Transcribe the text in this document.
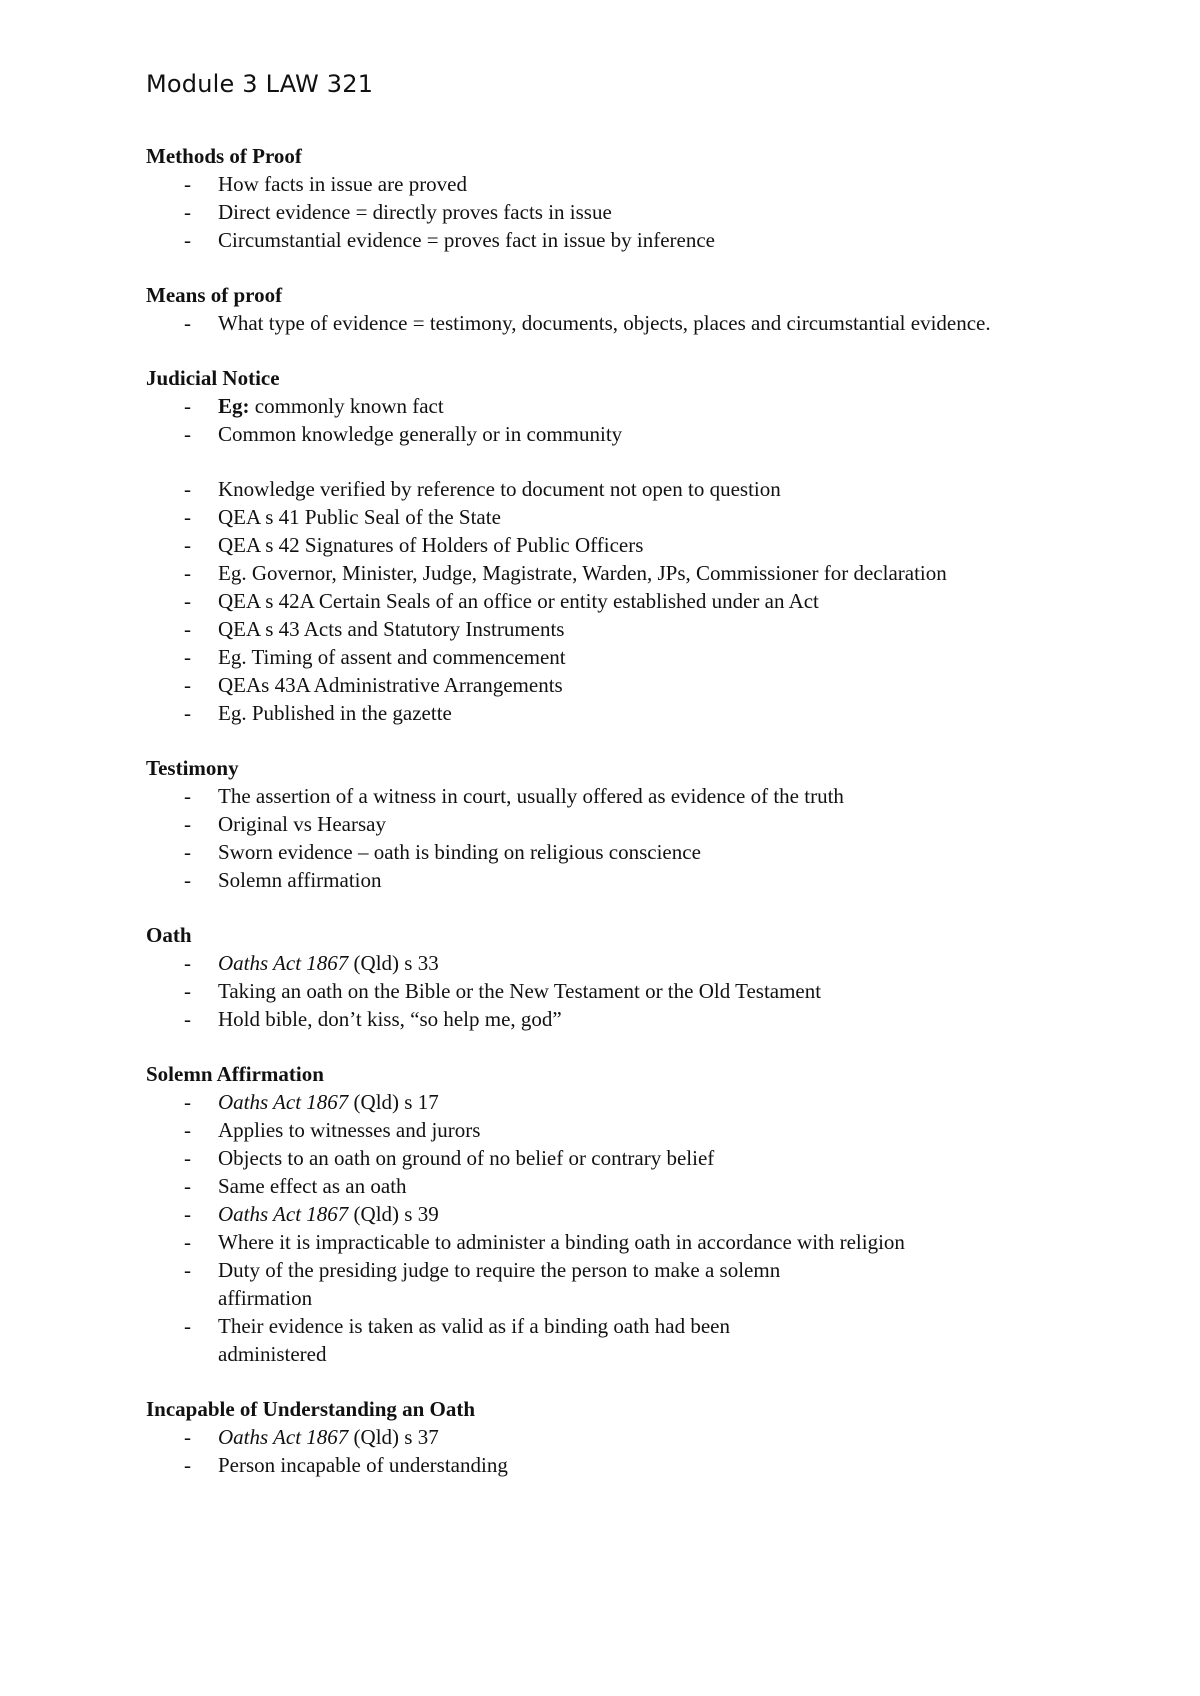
Module 3 LAW 321
Methods of Proof
-	How facts in issue are proved
-	Direct evidence = directly proves facts in issue
-	Circumstantial evidence = proves fact in issue by inference
Means of proof
-	What type of evidence = testimony, documents, objects, places and circumstantial evidence.
Judicial Notice
-	Eg: commonly known fact
-	Common knowledge generally or in community
-	Knowledge verified by reference to document not open to question
-	QEA s 41 Public Seal of the State
-	QEA s 42 Signatures of Holders of Public Officers
-	Eg. Governor, Minister, Judge, Magistrate, Warden, JPs, Commissioner for declaration
-	QEA s 42A Certain Seals of an office or entity established under an Act
-	QEA s 43 Acts and Statutory Instruments
-	Eg. Timing of assent and commencement
-	QEAs 43A Administrative Arrangements
-	Eg. Published in the gazette
Testimony
-	The assertion of a witness in court, usually offered as evidence of the truth
-	Original vs Hearsay
-	Sworn evidence – oath is binding on religious conscience
-	Solemn affirmation
Oath
-	Oaths Act 1867 (Qld) s 33
-	Taking an oath on the Bible or the New Testament or the Old Testament
-	Hold bible, don’t kiss, “so help me, god”
Solemn Affirmation
-	Oaths Act 1867 (Qld) s 17
-	Applies to witnesses and jurors
-	Objects to an oath on ground of no belief or contrary belief
-	Same effect as an oath
-	Oaths Act 1867 (Qld) s 39
-	Where it is impracticable to administer a binding oath in accordance with religion
-	Duty of the presiding judge to require the person to make a solemn affirmation
-	Their evidence is taken as valid as if a binding oath had been administered
Incapable of Understanding an Oath
-	Oaths Act 1867 (Qld) s 37
-	Person incapable of understanding
